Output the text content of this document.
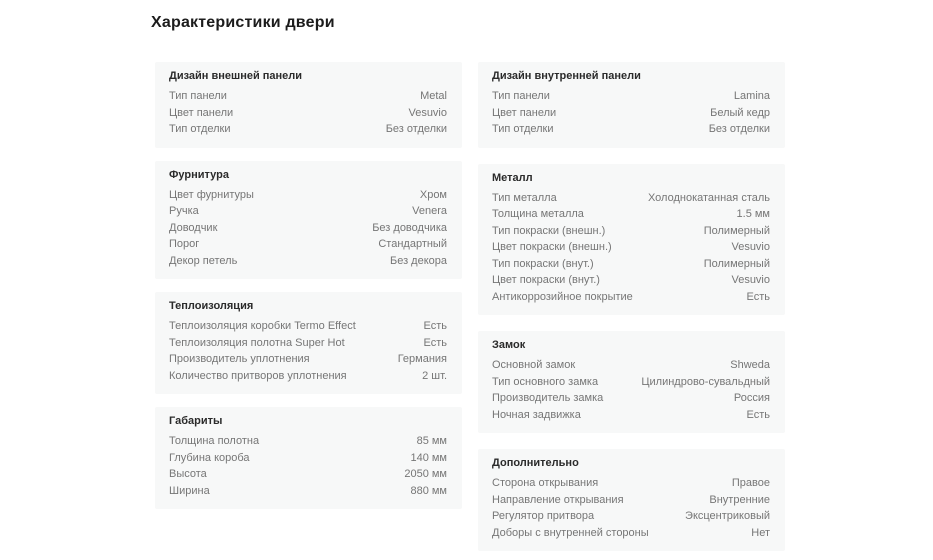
Характеристики двери
Дизайн внешней панели
Тип панели	Metal
Цвет панели	Vesuvio
Тип отделки	Без отделки
Фурнитура
Цвет фурнитуры	Хром
Ручка	Venera
Доводчик	Без доводчика
Порог	Стандартный
Декор петель	Без декора
Теплоизоляция
Теплоизоляция коробки Termo Effect	Есть
Теплоизоляция полотна Super Hot	Есть
Производитель уплотнения	Германия
Количество притворов уплотнения	2 шт.
Габариты
Толщина полотна	85 мм
Глубина короба	140 мм
Высота	2050 мм
Ширина	880 мм
Дизайн внутренней панели
Тип панели	Lamina
Цвет панели	Белый кедр
Тип отделки	Без отделки
Металл
Тип металла	Холоднокатанная сталь
Толщина металла	1.5 мм
Тип покраски (внешн.)	Полимерный
Цвет покраски (внешн.)	Vesuvio
Тип покраски (внут.)	Полимерный
Цвет покраски (внут.)	Vesuvio
Антикоррозийное покрытие	Есть
Замок
Основной замок	Shweda
Тип основного замка	Цилиндрово-сувальдный
Производитель замка	Россия
Ночная задвижка	Есть
Дополнительно
Сторона открывания	Правое
Направление открывания	Внутренние
Регулятор притвора	Эксцентриковый
Доборы с внутренней стороны	Нет
